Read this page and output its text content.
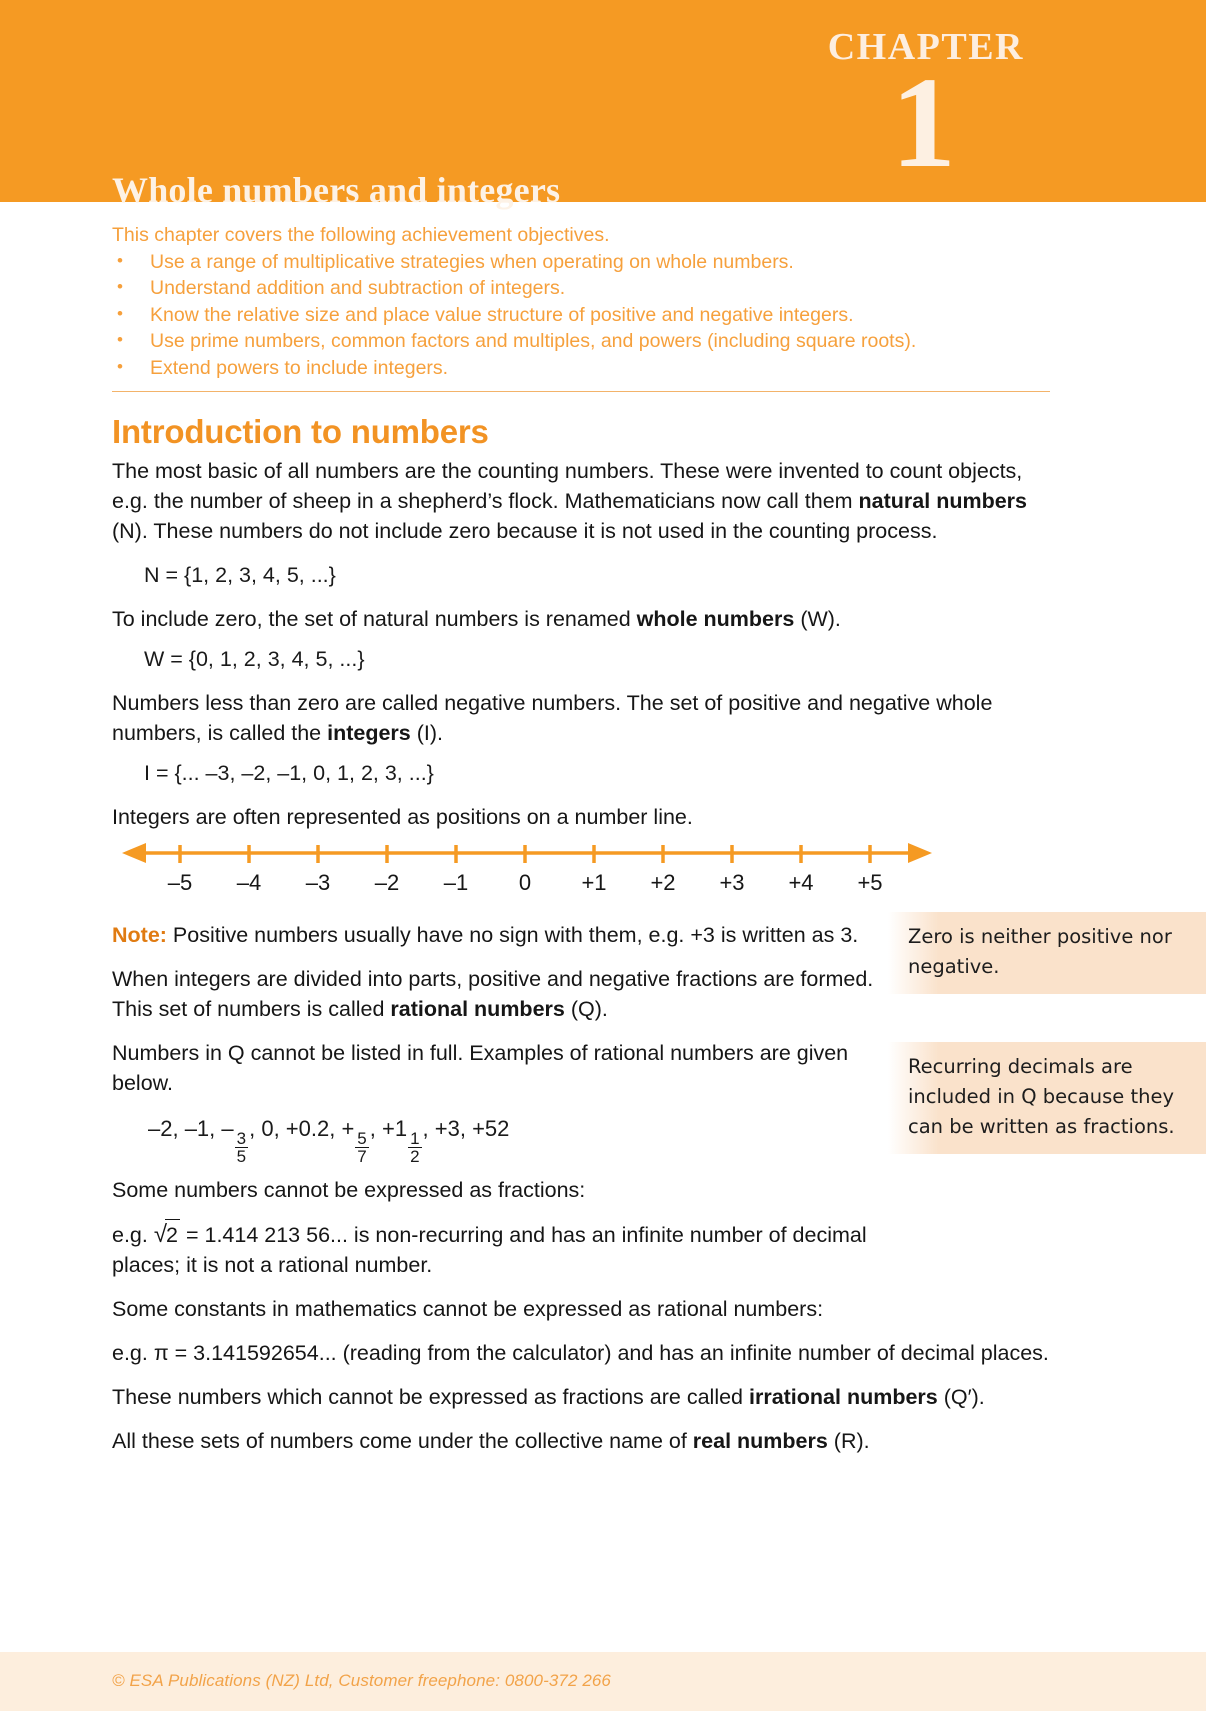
1
CHAPTER
Whole numbers and integers
This chapter covers the following achievement objectives.
• Use a range of multiplicative strategies when operating on whole numbers.
• Understand addition and subtraction of integers.
• Know the relative size and place value structure of positive and negative integers.
• Use prime numbers, common factors and multiples, and powers (including square roots).
• Extend powers to include integers.
Zero is neither positive nor negative.
Recurring decimals are included in Q because they can be written as fractions.
Introduction to numbers

The most basic of all numbers are the counting numbers. These were invented to count objects, e.g. the number of sheep in a shepherd’s flock. Mathematicians now call them natural numbers (N). These numbers do not include zero because it is not used in the counting process.

N = {1, 2, 3, 4, 5, ...}

To include zero, the set of natural numbers is renamed whole numbers (W).

W = {0, 1, 2, 3, 4, 5, ...}

Numbers less than zero are called negative numbers. The set of positive and negative whole numbers, is called the integers (I).

I = {... –3, –2, –1, 0, 1, 2, 3, ...}

Integers are often represented as positions on a number line.

–5	–4	–3	–2	–1	0	+1	+2	+3	+4	+5

Note: Positive numbers usually have no sign with them, e.g. +3 is written as 3.

When integers are divided into parts, positive and negative fractions are formed. This set of numbers is called rational numbers (Q).

Numbers in Q cannot be listed in full. Examples of rational numbers are given below.

–2, –1, –
$\frac{3}{5}$
, 0, +0.2, +
$\frac{5}{7}$
, +1
$\frac{1}{2}$
, +3, +52

Some numbers cannot be expressed as fractions:

e.g. √2 = 1.414 213 56... is non-recurring and has an infinite number of decimal places; it is not a rational number.

Some constants in mathematics cannot be expressed as rational numbers:

e.g. π = 3.141592654... (reading from the calculator) and has an infinite number of decimal places.

These numbers which cannot be expressed as fractions are called irrational numbers (Q′).

All these sets of numbers come under the collective name of real numbers (R).

© ESA Publications (NZ) Ltd, Customer freephone: 0800-372 266
